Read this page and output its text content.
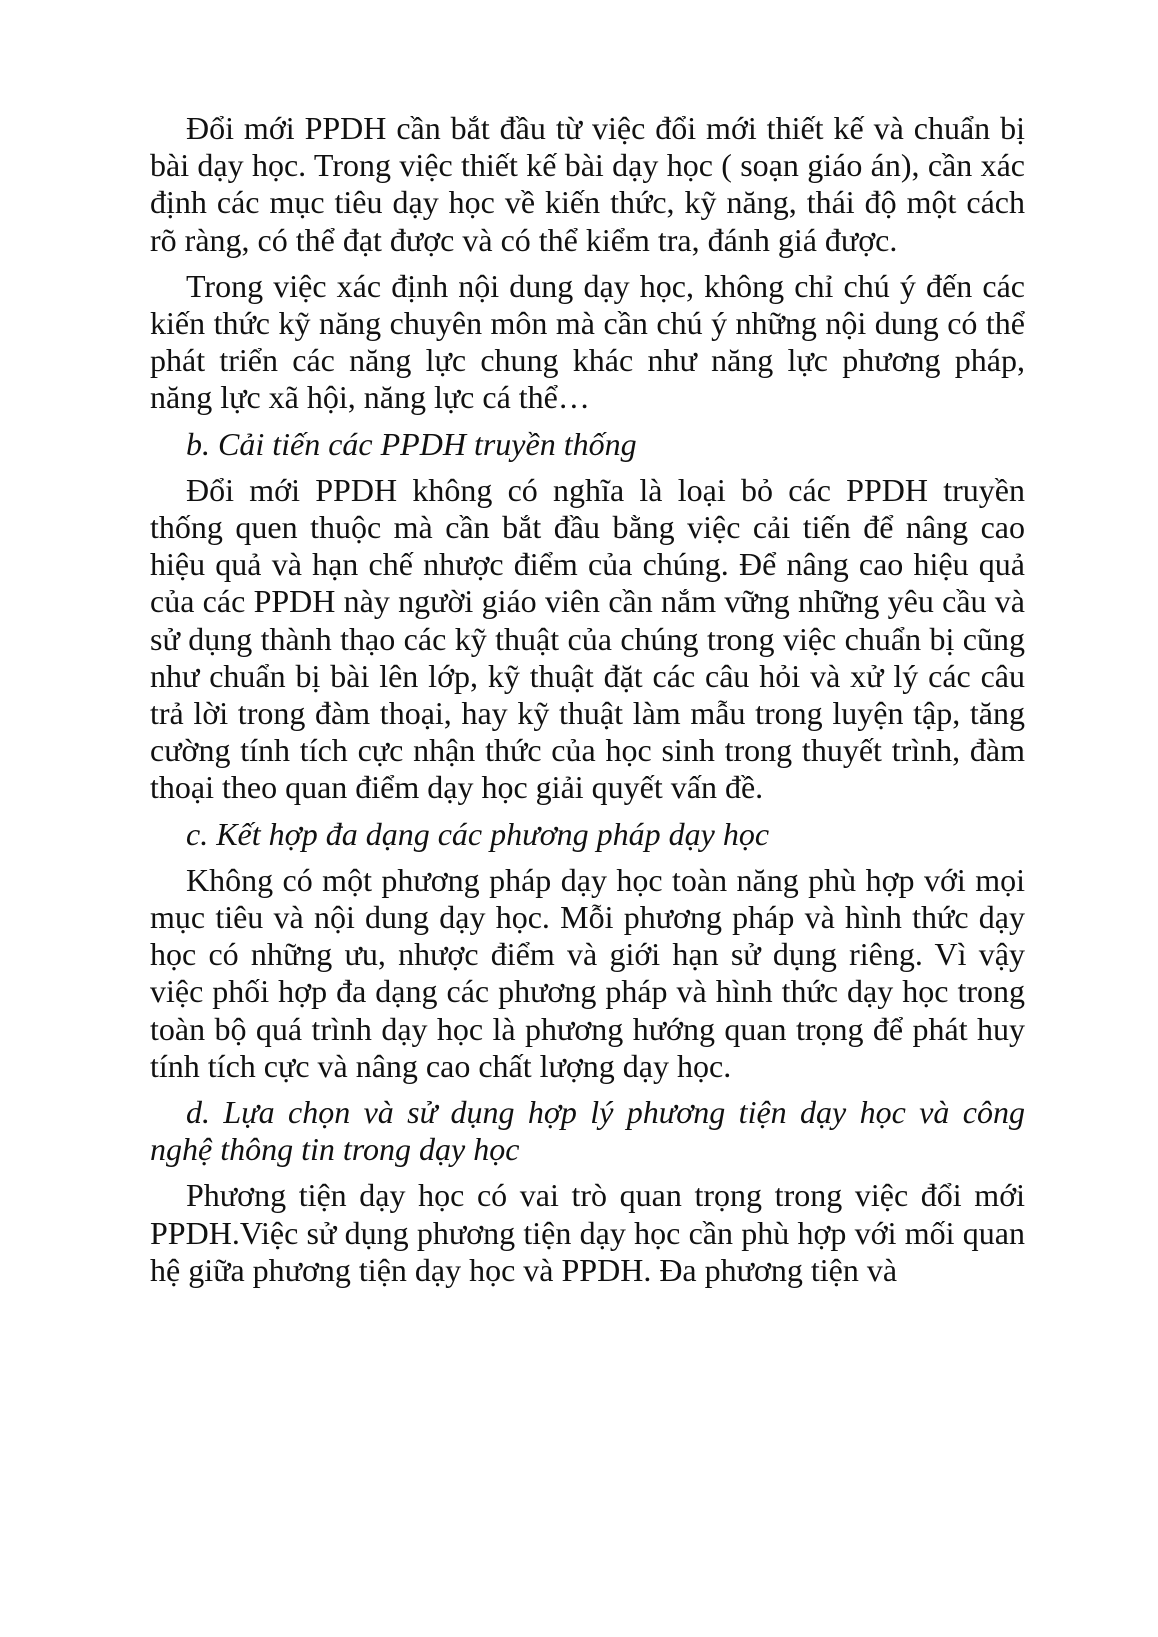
Đổi mới PPDH cần bắt đầu từ việc đổi mới thiết kế và chuẩn bị bài dạy học. Trong việc thiết kế bài dạy học ( soạn giáo án), cần xác định các mục tiêu dạy học về kiến thức, kỹ năng, thái độ một cách rõ ràng, có thể đạt được và có thể kiểm tra, đánh giá được.

Trong việc xác định nội dung dạy học, không chỉ chú ý đến các kiến thức kỹ năng chuyên môn mà cần chú ý những nội dung có thể phát triển các năng lực chung khác như năng lực phương pháp, năng lực xã hội, năng lực cá thể…

b. Cải tiến các PPDH truyền thống

Đổi mới PPDH không có nghĩa là loại bỏ các PPDH truyền thống quen thuộc mà cần bắt đầu bằng việc cải tiến để nâng cao hiệu quả và hạn chế nhược điểm của chúng. Để nâng cao hiệu quả của các PPDH này người giáo viên cần nắm vững những yêu cầu và sử dụng thành thạo các kỹ thuật của chúng trong việc chuẩn bị cũng như chuẩn bị bài lên lớp, kỹ thuật đặt các câu hỏi và xử lý các câu trả lời trong đàm thoại, hay kỹ thuật làm mẫu trong luyện tập, tăng cường tính tích cực nhận thức của học sinh trong thuyết trình, đàm thoại theo quan điểm dạy học giải quyết vấn đề.

c. Kết hợp đa dạng các phương pháp dạy học

Không có một phương pháp dạy học toàn năng phù hợp với mọi mục tiêu và nội dung dạy học. Mỗi phương pháp và hình thức dạy học có những ưu, nhược điểm và giới hạn sử dụng riêng. Vì vậy việc phối hợp đa dạng các phương pháp và hình thức dạy học trong toàn bộ quá trình dạy học là phương hướng quan trọng để phát huy tính tích cực và nâng cao chất lượng dạy học.

d. Lựa chọn và sử dụng hợp lý phương tiện dạy học và công nghệ thông tin trong dạy học

Phương tiện dạy học có vai trò quan trọng trong việc đổi mới PPDH.Việc sử dụng phương tiện dạy học cần phù hợp với mối quan hệ giữa phương tiện dạy học và PPDH. Đa phương tiện và
